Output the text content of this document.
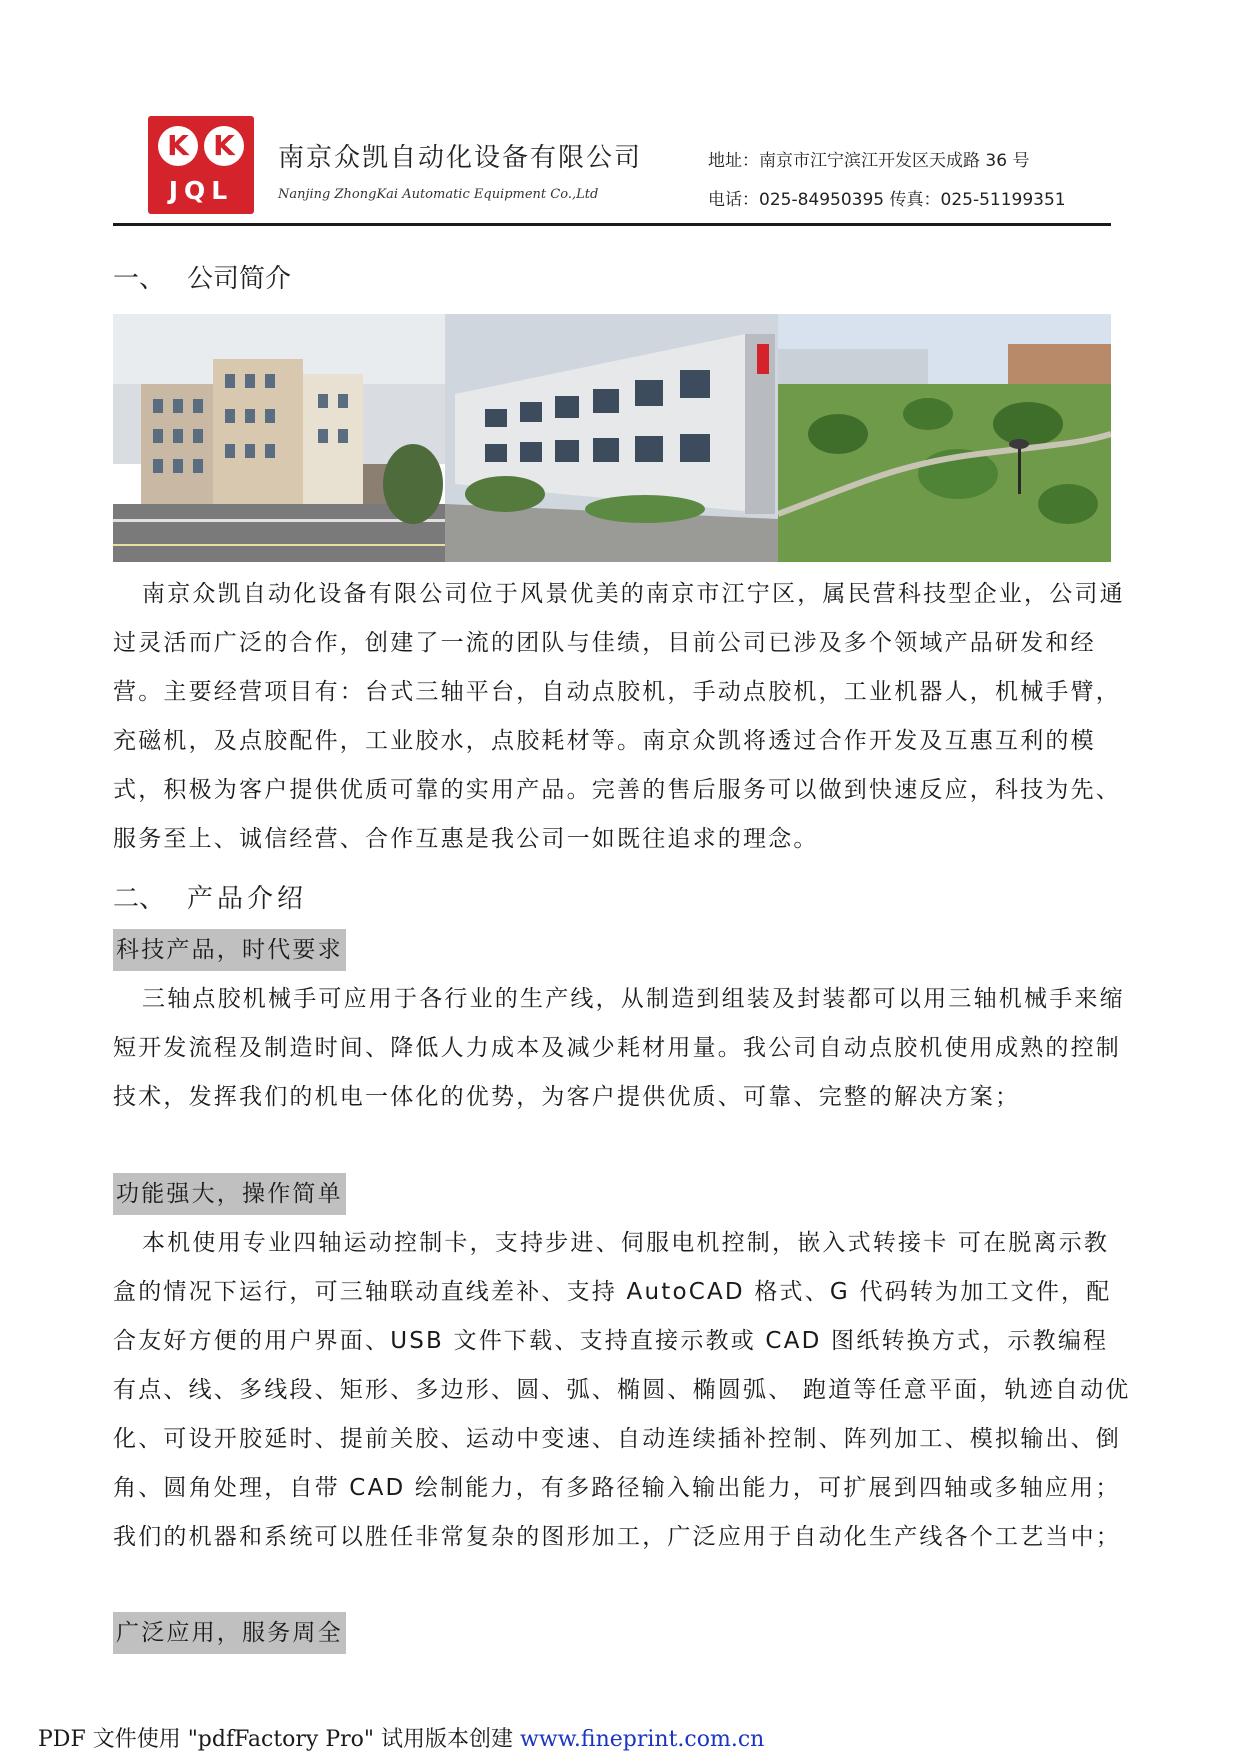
K K
JQL
南京众凯自动化设备有限公司
Nanjing ZhongKai Automatic Equipment Co.,Ltd
地址：南京市江宁滨江开发区天成路 36 号
电话：025-84950395 传真：025-51199351
一、 公司简介

南京众凯自动化设备有限公司位于风景优美的南京市江宁区，属民营科技型企业，公司通过灵活而广泛的合作，创建了一流的团队与佳绩，目前公司已涉及多个领域产品研发和经营。主要经营项目有：台式三轴平台，自动点胶机，手动点胶机，工业机器人，机械手臂，充磁机，及点胶配件，工业胶水，点胶耗材等。南京众凯将透过合作开发及互惠互利的模式，积极为客户提供优质可靠的实用产品。完善的售后服务可以做到快速反应，科技为先、服务至上、诚信经营、合作互惠是我公司一如既往追求的理念。

二、 产品介绍
科技产品，时代要求

三轴点胶机械手可应用于各行业的生产线，从制造到组装及封装都可以用三轴机械手来缩短开发流程及制造时间、降低人力成本及减少耗材用量。我公司自动点胶机使用成熟的控制技术，发挥我们的机电一体化的优势，为客户提供优质、可靠、完整的解决方案；

功能强大，操作简单

本机使用专业四轴运动控制卡，支持步进、伺服电机控制，嵌入式转接卡 可在脱离示教盒的情况下运行，可三轴联动直线差补、支持 AutoCAD 格式、G 代码转为加工文件，配合友好方便的用户界面、USB 文件下载、支持直接示教或 CAD 图纸转换方式，示教编程有点、线、多线段、矩形、多边形、圆、弧、椭圆、椭圆弧、 跑道等任意平面，轨迹自动优化、可设开胶延时、提前关胶、运动中变速、自动连续插补控制、阵列加工、模拟输出、倒角、圆角处理，自带 CAD 绘制能力，有多路径输入输出能力，可扩展到四轴或多轴应用；我们的机器和系统可以胜任非常复杂的图形加工，广泛应用于自动化生产线各个工艺当中；

广泛应用，服务周全
PDF 文件使用 "pdfFactory Pro" 试用版本创建 www.fineprint.com.cn
